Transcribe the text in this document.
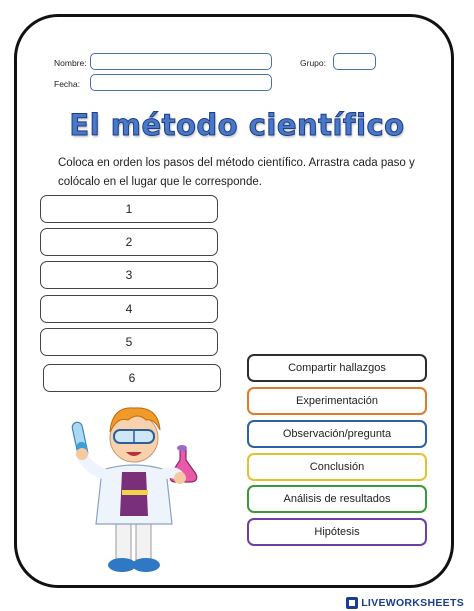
Nombre:	Grupo:
Fecha:
El método científico
Coloca en orden los pasos del método científico. Arrastra cada paso y colócalo en el lugar que le corresponde.
1
2
3
4
5
6
Compartir hallazgos
Experimentación
Observación/pregunta
Conclusión
Análisis de resultados
Hipótesis
LIVEWORKSHEETS
